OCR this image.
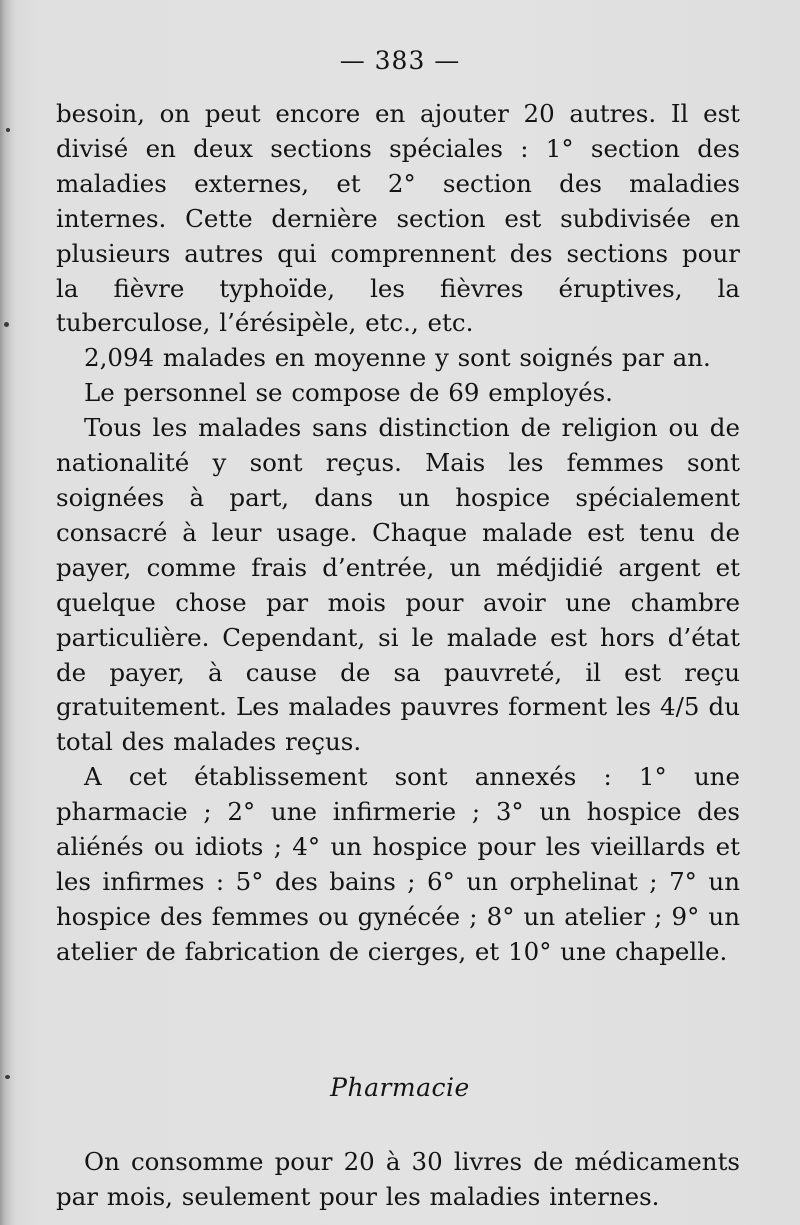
— 383 —

besoin, on peut encore en ajouter 20 autres. Il est divisé en deux sections spéciales : 1° section des maladies externes, et 2° section des maladies internes. Cette dernière section est subdivisée en plusieurs autres qui comprennent des sections pour la fièvre typhoïde, les fièvres éruptives, la tuberculose, l’érésipèle, etc., etc.

2,094 malades en moyenne y sont soignés par an.

Le personnel se compose de 69 employés.

Tous les malades sans distinction de religion ou de nationalité y sont reçus. Mais les femmes sont soignées à part, dans un hospice spécialement consacré à leur usage. Chaque malade est tenu de payer, comme frais d’entrée, un médjidié argent et quelque chose par mois pour avoir une chambre particulière. Cependant, si le malade est hors d’état de payer, à cause de sa pauvreté, il est reçu gratuitement. Les malades pauvres forment les 4/5 du total des malades reçus.

A cet établissement sont annexés : 1° une pharmacie ; 2° une infirmerie ; 3° un hospice des aliénés ou idiots ; 4° un hospice pour les vieillards et les infirmes : 5° des bains ; 6° un orphelinat ; 7° un hospice des femmes ou gynécée ; 8° un atelier ; 9° un atelier de fabrication de cierges, et 10° une chapelle.

Pharmacie

On consomme pour 20 à 30 livres de médicaments par mois, seulement pour les maladies internes.
